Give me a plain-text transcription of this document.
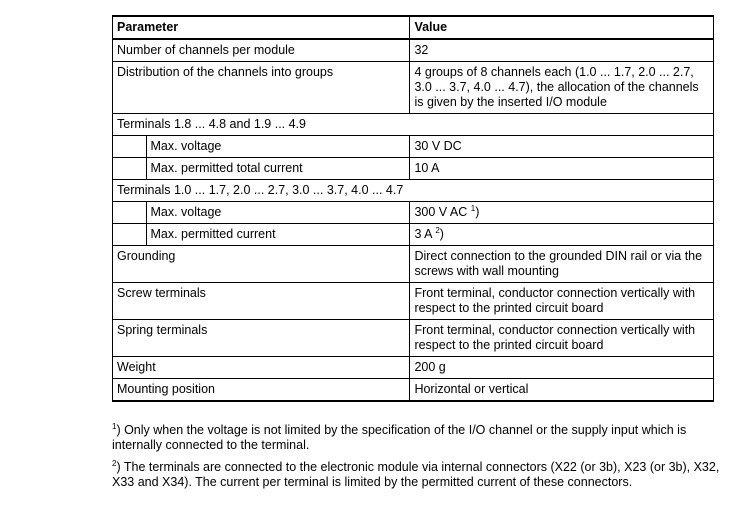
Parameter		Value
Number of channels per module		32
Distribution of the channels into groups		4 groups of 8 channels each (1.0 ... 1.7, 2.0 ... 2.7, 3.0 ... 3.7, 4.0 ... 4.7), the allocation of the channels is given by the inserted I/O module
Terminals 1.8 ... 4.8 and 1.9 ... 4.9		
	Max. voltage	30 V DC
	Max. permitted total current	10 A
Terminals 1.0 ... 1.7, 2.0 ... 2.7, 3.0 ... 3.7, 4.0 ... 4.7		
	Max. voltage	300 V AC $^1$)
	Max. permitted current	3 A $^2$)
Grounding		Direct connection to the grounded DIN rail or via the screws with wall mounting
Screw terminals		Front terminal, conductor connection vertically with respect to the printed circuit board
Spring terminals		Front terminal, conductor connection vertically with respect to the printed circuit board
Weight		200 g
Mounting position		Horizontal or vertical
$^1$) Only when the voltage is not limited by the specification of the I/O channel or the supply input which is internally connected to the terminal.
$^2$) The terminals are connected to the electronic module via internal connectors (X22 (or 3b), X23 (or 3b), X32, X33 and X34). The current per terminal is limited by the permitted current of these connectors.
